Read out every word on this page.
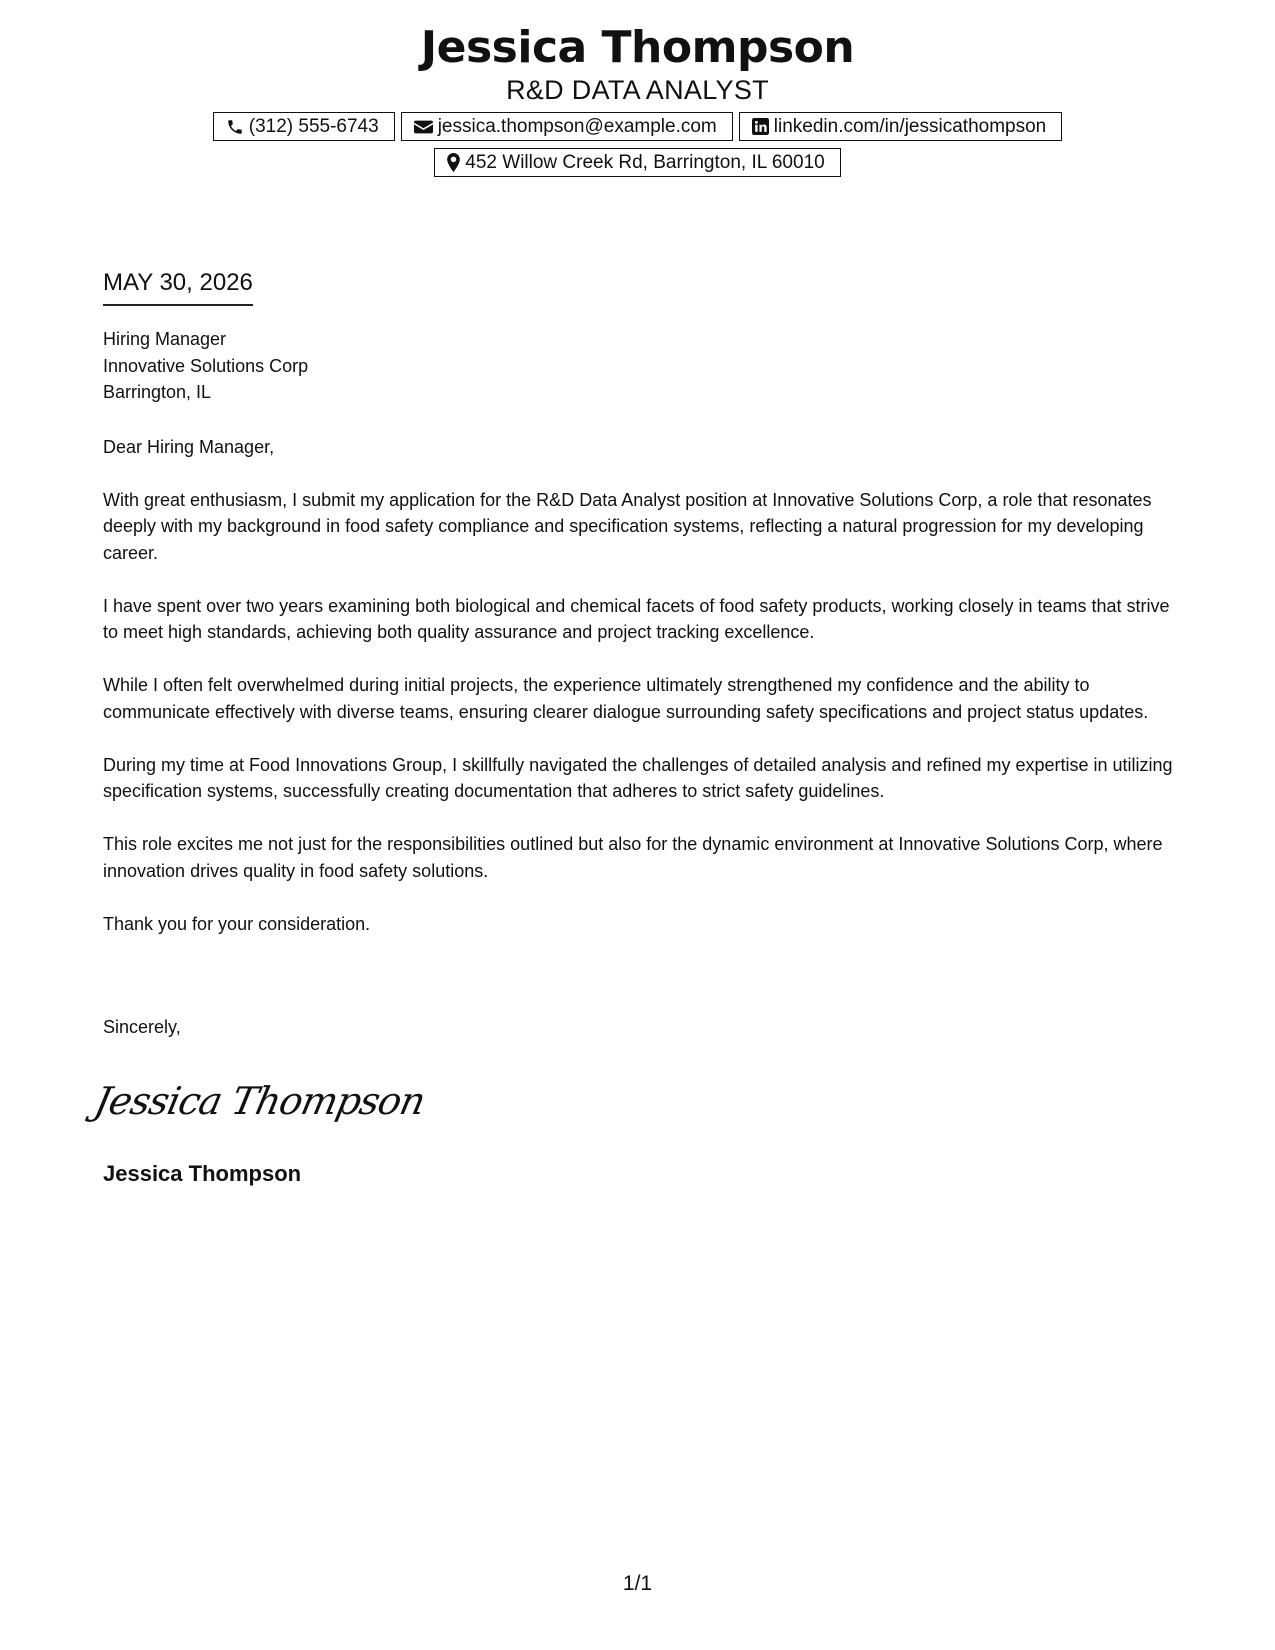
Jessica Thompson
R&D DATA ANALYST
(312) 555-6743	jessica.thompson@example.com	linkedin.com/in/jessicathompson
452 Willow Creek Rd, Barrington, IL 60010
MAY 30, 2026
Hiring Manager
Innovative Solutions Corp
Barrington, IL

Dear Hiring Manager,

With great enthusiasm, I submit my application for the R&D Data Analyst position at Innovative Solutions Corp, a role that resonates deeply with my background in food safety compliance and specification systems, reflecting a natural progression for my developing career.

I have spent over two years examining both biological and chemical facets of food safety products, working closely in teams that strive to meet high standards, achieving both quality assurance and project tracking excellence.

While I often felt overwhelmed during initial projects, the experience ultimately strengthened my confidence and the ability to communicate effectively with diverse teams, ensuring clearer dialogue surrounding safety specifications and project status updates.

During my time at Food Innovations Group, I skillfully navigated the challenges of detailed analysis and refined my expertise in utilizing specification systems, successfully creating documentation that adheres to strict safety guidelines.

This role excites me not just for the responsibilities outlined but also for the dynamic environment at Innovative Solutions Corp, where innovation drives quality in food safety solutions.

Thank you for your consideration.

Sincerely,
Jessica Thompson
Jessica Thompson
1/1
